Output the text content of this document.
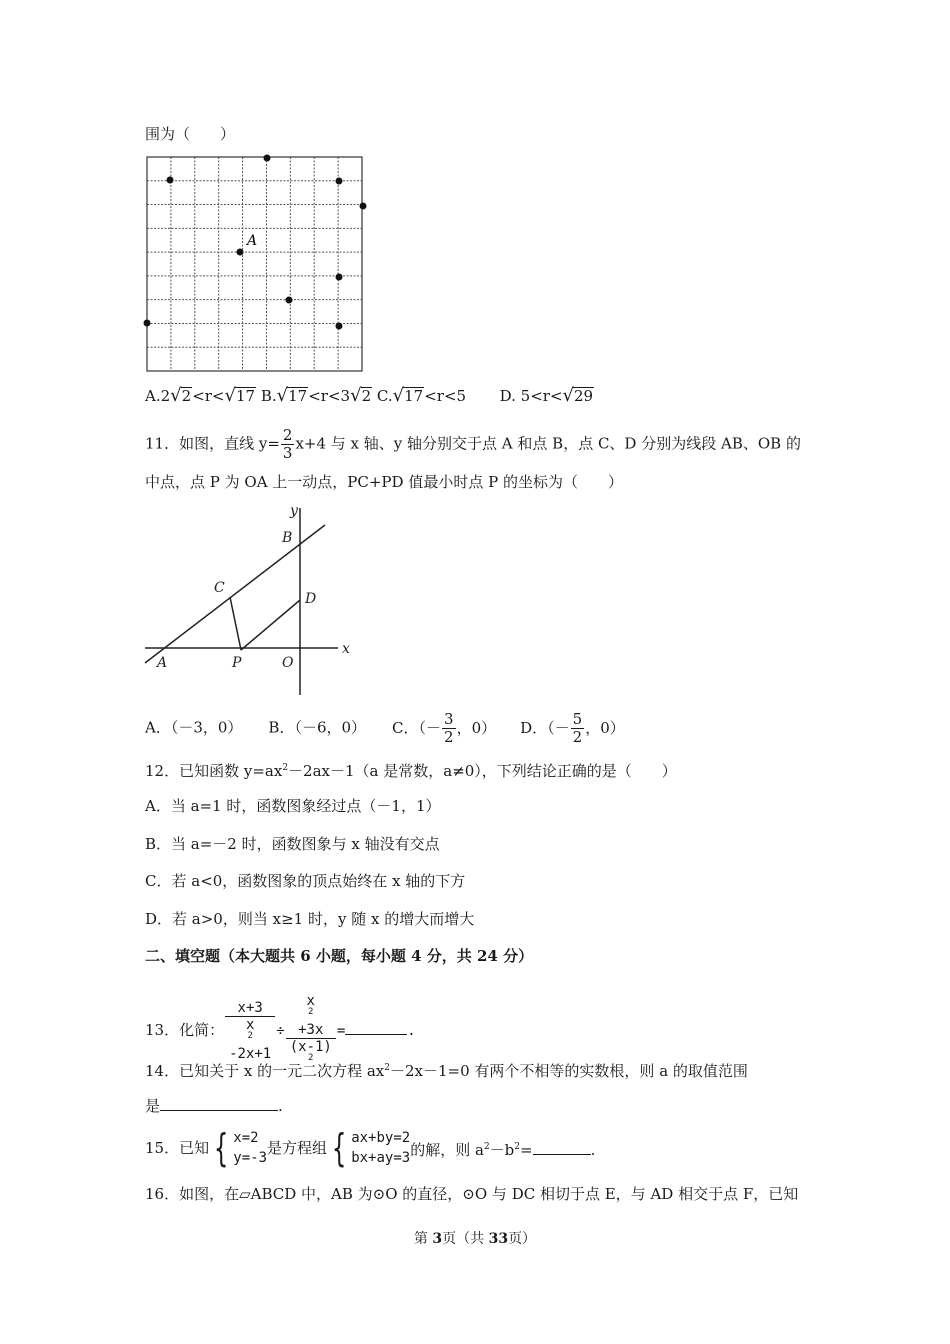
围为（　　）
A
A.2√2<r<√17 B.√17<r<3√2 C.√17<r<5 D. 5<r<√29
11．如图，直线 $y= \frac{2}{3} x+4$ 与 x 轴、y 轴分别交于点 A 和点 B，点 C、D 分别为线段 AB、OB 的
中点，点 P 为 OA 上一动点，PC+PD 值最小时点 P 的坐标为（　　）
y
x
B
C
D
A	P	O
A．（－3，0） B．（－6，0） C．（－ $\frac{3}{2}$ ，0） D．（－ $\frac{5}{2}$ ，0）
12．已知函数 $y=ax^2-2ax-1(a$ 是常数，a≠0），下列结论正确的是（　　）
A．当 a=1 时，函数图象经过点（－1，1）
B．当 a=－2 时，函数图象与 x 轴没有交点
C．若 a<0，函数图象的顶点始终在 x 轴的下方
D．若 a>0，则当 x≥1 时，y 随 x 的增大而增大
二、填空题（本大题共 6 小题，每小题 4 分，共 24 分）
13．化简： x+3
x
$^2$
-2x+1 ÷ x
$^2$
+3x
(x-1)
$^2$ =	.
14．已知关于 x 的一元二次方程 $ax^2-2x-1=0$ 有两个不相等的实数根，则 a 的取值范围
是	.
15．已知 { x=2
y=-3
是方程组 { ax+by=2
bx+ay=3 的解，则 $a^2-b^2=$	.
16．如图，在▱ABCD 中，AB 为⊙O 的直径，⊙O 与 DC 相切于点 E，与 AD 相交于点 F，已知
第 3页（共 33页）
